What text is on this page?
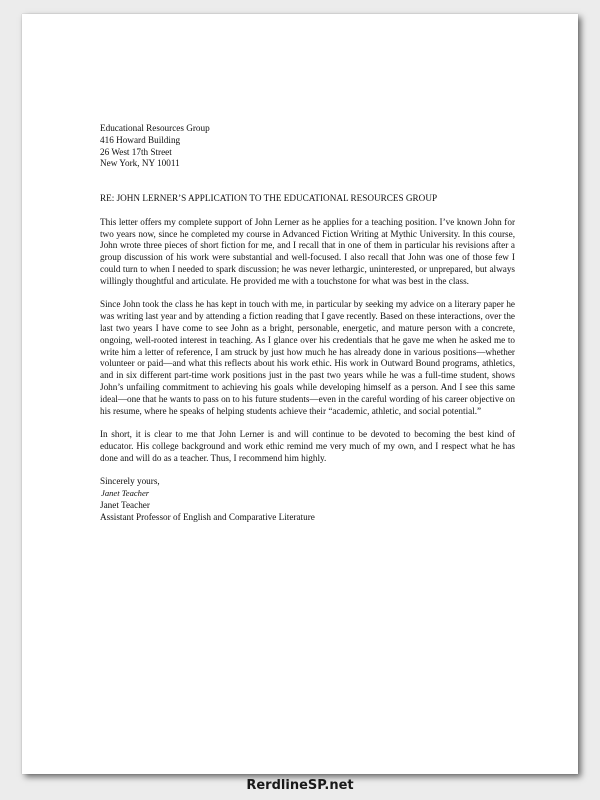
Educational Resources Group
416 Howard Building
26 West 17th Street
New York, NY 10011
RE: JOHN LERNER’S APPLICATION TO THE EDUCATIONAL RESOURCES GROUP
This letter offers my complete support of John Lerner as he applies for a teaching position. I’ve known John for two years now, since he completed my course in Advanced Fiction Writing at Mythic University. In this course, John wrote three pieces of short fiction for me, and I recall that in one of them in particular his revisions after a group discussion of his work were substantial and well-focused. I also recall that John was one of those few I could turn to when I needed to spark discussion; he was never lethargic, uninterested, or unprepared, but always willingly thoughtful and articulate. He provided me with a touchstone for what was best in the class.
Since John took the class he has kept in touch with me, in particular by seeking my advice on a literary paper he was writing last year and by attending a fiction reading that I gave recently. Based on these interactions, over the last two years I have come to see John as a bright, personable, energetic, and mature person with a concrete, ongoing, well-rooted interest in teaching. As I glance over his credentials that he gave me when he asked me to write him a letter of reference, I am struck by just how much he has already done in various positions—whether volunteer or paid—and what this reflects about his work ethic. His work in Outward Bound programs, athletics, and in six different part-time work positions just in the past two years while he was a full-time student, shows John’s unfailing commitment to achieving his goals while developing himself as a person. And I see this same ideal—one that he wants to pass on to his future students—even in the careful wording of his career objective on his resume, where he speaks of helping students achieve their “academic, athletic, and social potential.”
In short, it is clear to me that John Lerner is and will continue to be devoted to becoming the best kind of educator. His college background and work ethic remind me very much of my own, and I respect what he has done and will do as a teacher. Thus, I recommend him highly.
Sincerely yours,
Janet Teacher
Janet Teacher
Assistant Professor of English and Comparative Literature
RerdlineSP.net
